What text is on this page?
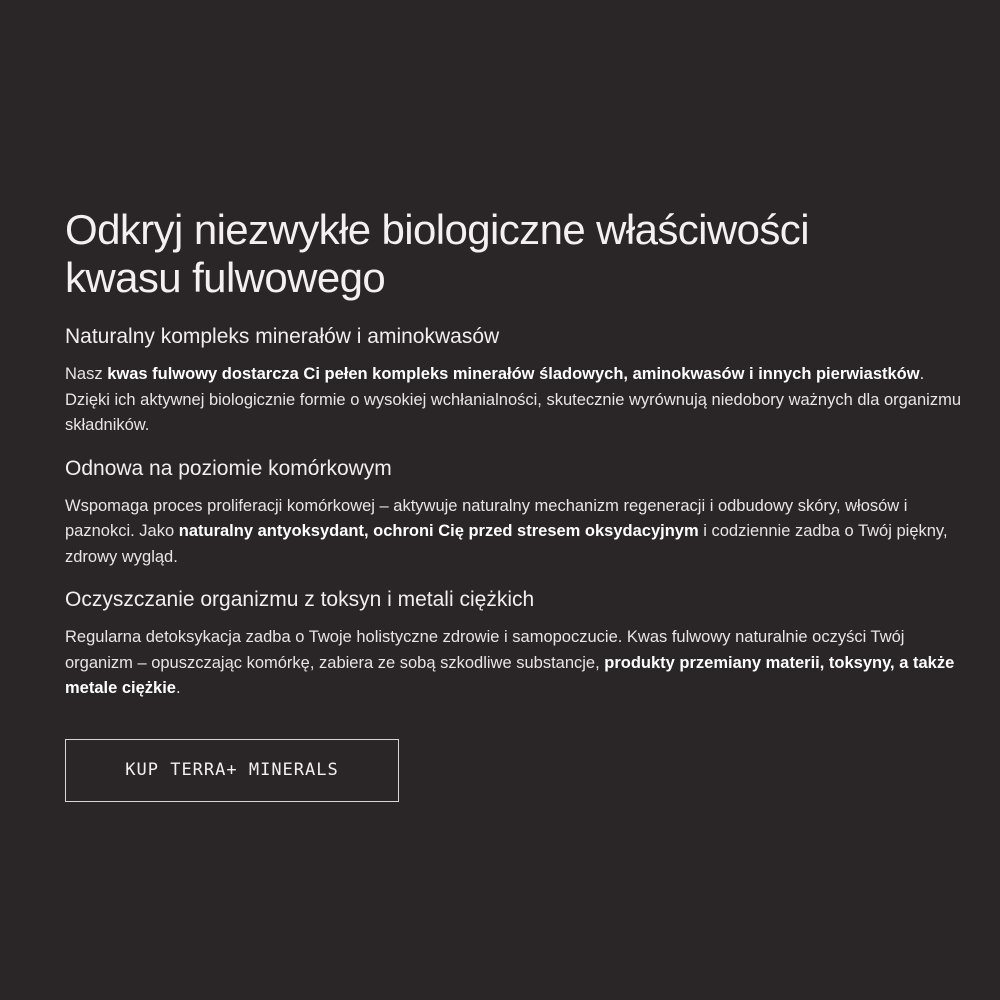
Odkryj niezwykłe biologiczne właściwości
kwasu fulwowego
Naturalny kompleks minerałów i aminokwasów

Nasz kwas fulwowy dostarcza Ci pełen kompleks minerałów śladowych, aminokwasów i innych pierwiastków. Dzięki ich aktywnej biologicznie formie o wysokiej wchłanialności, skutecznie wyrównują niedobory ważnych dla organizmu składników.

Odnowa na poziomie komórkowym

Wspomaga proces proliferacji komórkowej – aktywuje naturalny mechanizm regeneracji i odbudowy skóry, włosów i paznokci. Jako naturalny antyoksydant, ochroni Cię przed stresem oksydacyjnym i codziennie zadba o Twój piękny, zdrowy wygląd.

Oczyszczanie organizmu z toksyn i metali ciężkich

Regularna detoksykacja zadba o Twoje holistyczne zdrowie i samopoczucie. Kwas fulwowy naturalnie oczyści Twój organizm – opuszczając komórkę, zabiera ze sobą szkodliwe substancje, produkty przemiany materii, toksyny, a także metale ciężkie.

KUP TERRA+ MINERALS
